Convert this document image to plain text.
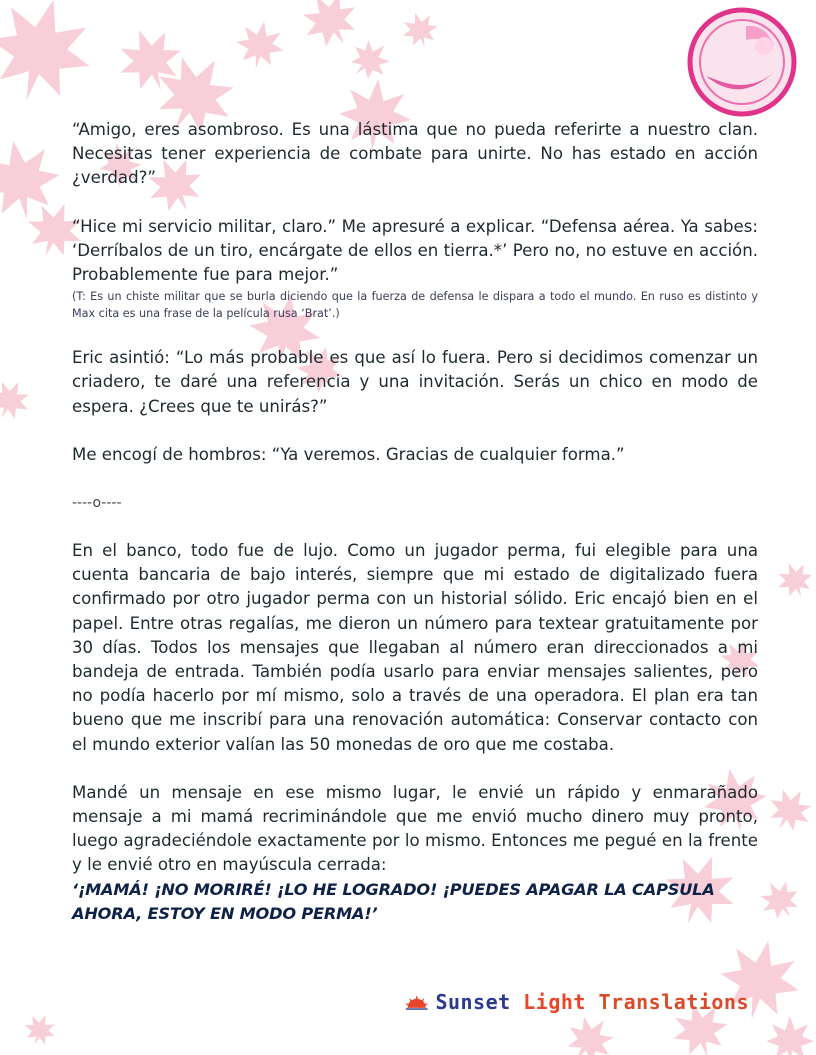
“Amigo, eres asombroso. Es una lástima que no pueda referirte a nuestro clan. Necesitas tener experiencia de combate para unirte. No has estado en acción ¿verdad?”

“Hice mi servicio militar, claro.” Me apresuré a explicar. “Defensa aérea. Ya sabes: ‘Derríbalos de un tiro, encárgate de ellos en tierra.*’ Pero no, no estuve en acción. Probablemente fue para mejor.”

(T: Es un chiste militar que se burla diciendo que la fuerza de defensa le dispara a todo el mundo. En ruso es distinto y Max cita es una frase de la película rusa ‘Brat’.)

Eric asintió: “Lo más probable es que así lo fuera. Pero si decidimos comenzar un criadero, te daré una referencia y una invitación. Serás un chico en modo de espera. ¿Crees que te unirás?”

Me encogí de hombros: “Ya veremos. Gracias de cualquier forma.”

----o----

En el banco, todo fue de lujo. Como un jugador perma, fui elegible para una cuenta bancaria de bajo interés, siempre que mi estado de digitalizado fuera confirmado por otro jugador perma con un historial sólido. Eric encajó bien en el papel. Entre otras regalías, me dieron un número para textear gratuitamente por 30 días. Todos los mensajes que llegaban al número eran direccionados a mi bandeja de entrada. También podía usarlo para enviar mensajes salientes, pero no podía hacerlo por mí mismo, solo a través de una operadora. El plan era tan bueno que me inscribí para una renovación automática: Conservar contacto con el mundo exterior valían las 50 monedas de oro que me costaba.

Mandé un mensaje en ese mismo lugar, le envié un rápido y enmarañado mensaje a mi mamá recriminándole que me envió mucho dinero muy pronto, luego agradeciéndole exactamente por lo mismo. Entonces me pegué en la frente y le envié otro en mayúscula cerrada:

‘¡MAMÁ! ¡NO MORIRÉ! ¡LO HE LOGRADO! ¡PUEDES APAGAR LA CAPSULA AHORA, ESTOY EN MODO PERMA!’

Sunset Light Translations
